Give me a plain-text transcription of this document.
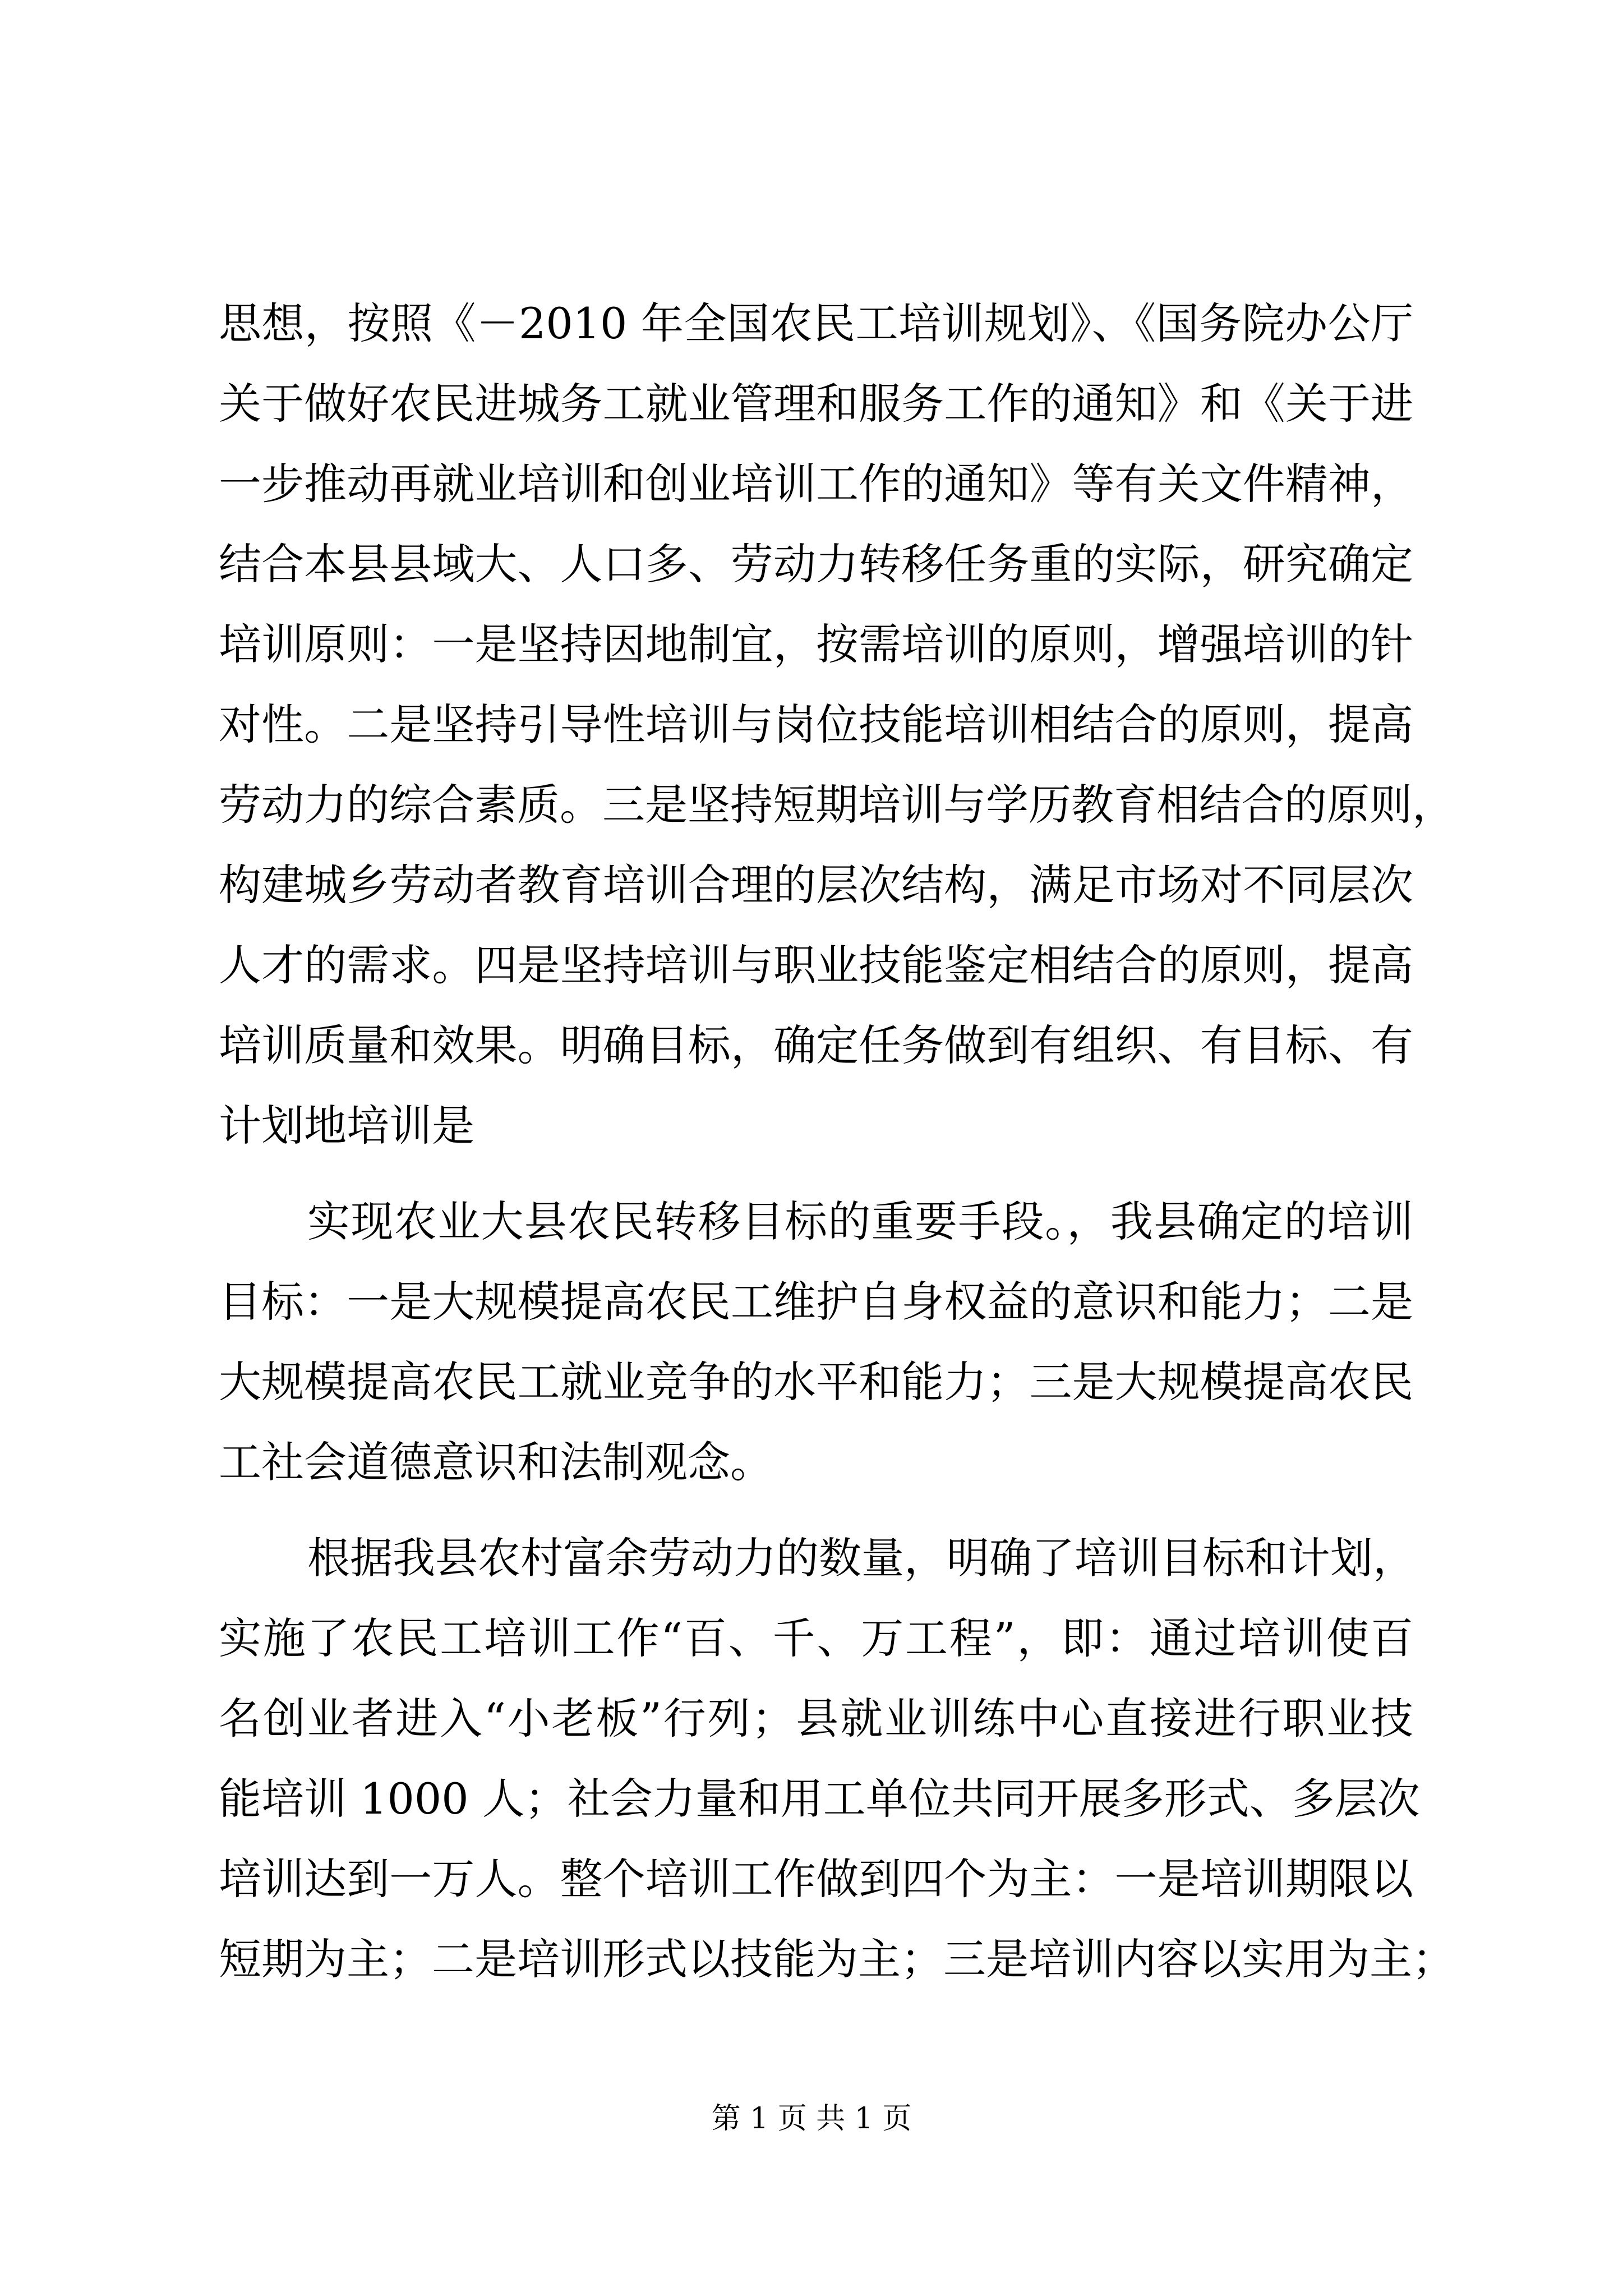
思想，按照《－2010 年全国农民工培训规划》、《国务院办公厅
关于做好农民进城务工就业管理和服务工作的通知》和《关于进
一步推动再就业培训和创业培训工作的通知》等有关文件精神，
结合本县县域大、人口多、劳动力转移任务重的实际，研究确定
培训原则：一是坚持因地制宜，按需培训的原则，增强培训的针
对性。二是坚持引导性培训与岗位技能培训相结合的原则，提高
劳动力的综合素质。三是坚持短期培训与学历教育相结合的原则，
构建城乡劳动者教育培训合理的层次结构，满足市场对不同层次
人才的需求。四是坚持培训与职业技能鉴定相结合的原则，提高
培训质量和效果。明确目标，确定任务做到有组织、有目标、有
计划地培训是
实现农业大县农民转移目标的重要手段。，我县确定的培训
目标：一是大规模提高农民工维护自身权益的意识和能力；二是
大规模提高农民工就业竞争的水平和能力；三是大规模提高农民
工社会道德意识和法制观念。
根据我县农村富余劳动力的数量，明确了培训目标和计划，
实施了农民工培训工作“百、千、万工程”，即：通过培训使百
名创业者进入“小老板”行列；县就业训练中心直接进行职业技
能培训 1000 人；社会力量和用工单位共同开展多形式、多层次
培训达到一万人。整个培训工作做到四个为主：一是培训期限以
短期为主；二是培训形式以技能为主；三是培训内容以实用为主；
第 1 页 共 1 页
